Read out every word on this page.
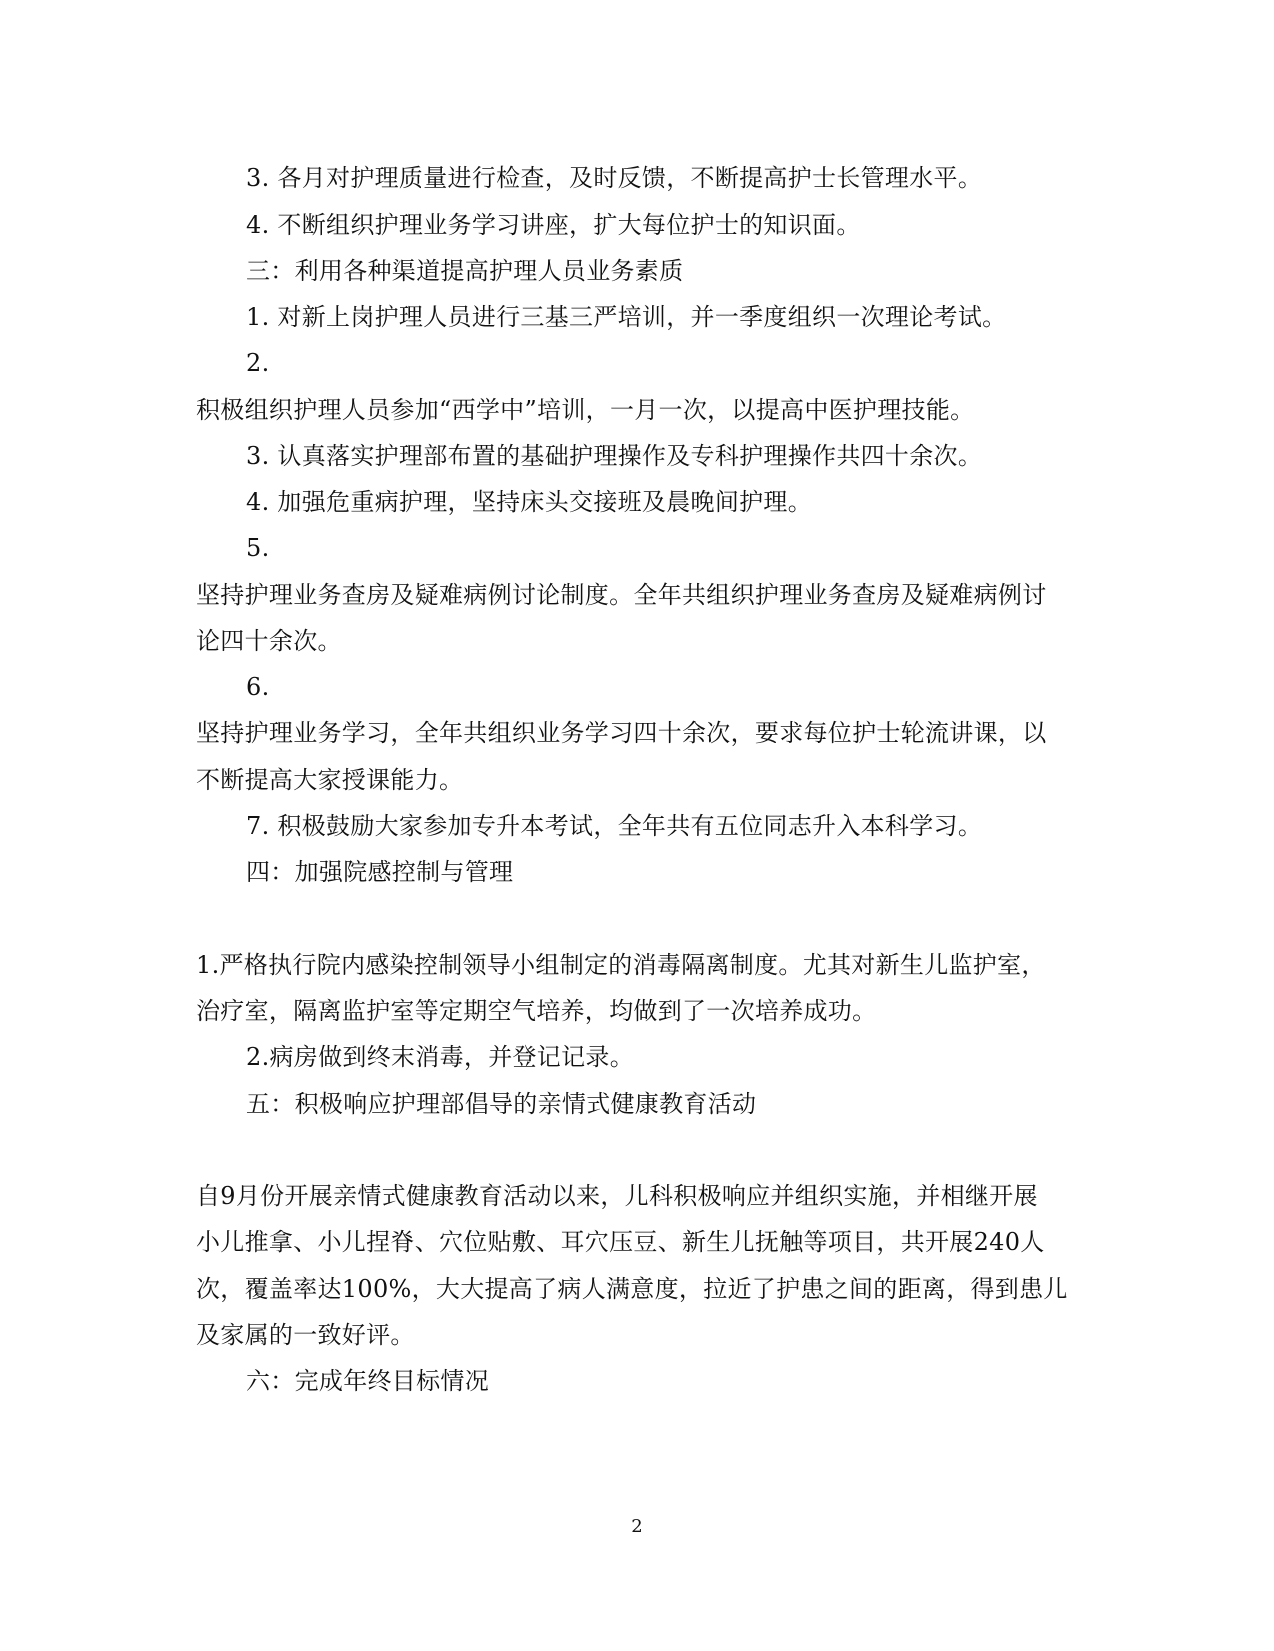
3. 各月对护理质量进行检查，及时反馈，不断提高护士长管理水平。
4. 不断组织护理业务学习讲座，扩大每位护士的知识面。
三：利用各种渠道提高护理人员业务素质
1. 对新上岗护理人员进行三基三严培训，并一季度组织一次理论考试。
2.
积极组织护理人员参加“西学中”培训，一月一次，以提高中医护理技能。
3. 认真落实护理部布置的基础护理操作及专科护理操作共四十余次。
4. 加强危重病护理，坚持床头交接班及晨晚间护理。
5.
坚持护理业务查房及疑难病例讨论制度。全年共组织护理业务查房及疑难病例讨
论四十余次。
6.
坚持护理业务学习，全年共组织业务学习四十余次，要求每位护士轮流讲课，以
不断提高大家授课能力。
7. 积极鼓励大家参加专升本考试，全年共有五位同志升入本科学习。
四：加强院感控制与管理
1.严格执行院内感染控制领导小组制定的消毒隔离制度。尤其对新生儿监护室，
治疗室，隔离监护室等定期空气培养，均做到了一次培养成功。
2.病房做到终末消毒，并登记记录。
五：积极响应护理部倡导的亲情式健康教育活动
自9月份开展亲情式健康教育活动以来，儿科积极响应并组织实施，并相继开展
小儿推拿、小儿捏脊、穴位贴敷、耳穴压豆、新生儿抚触等项目，共开展240人
次，覆盖率达100%，大大提高了病人满意度，拉近了护患之间的距离，得到患儿
及家属的一致好评。
六：完成年终目标情况
2
